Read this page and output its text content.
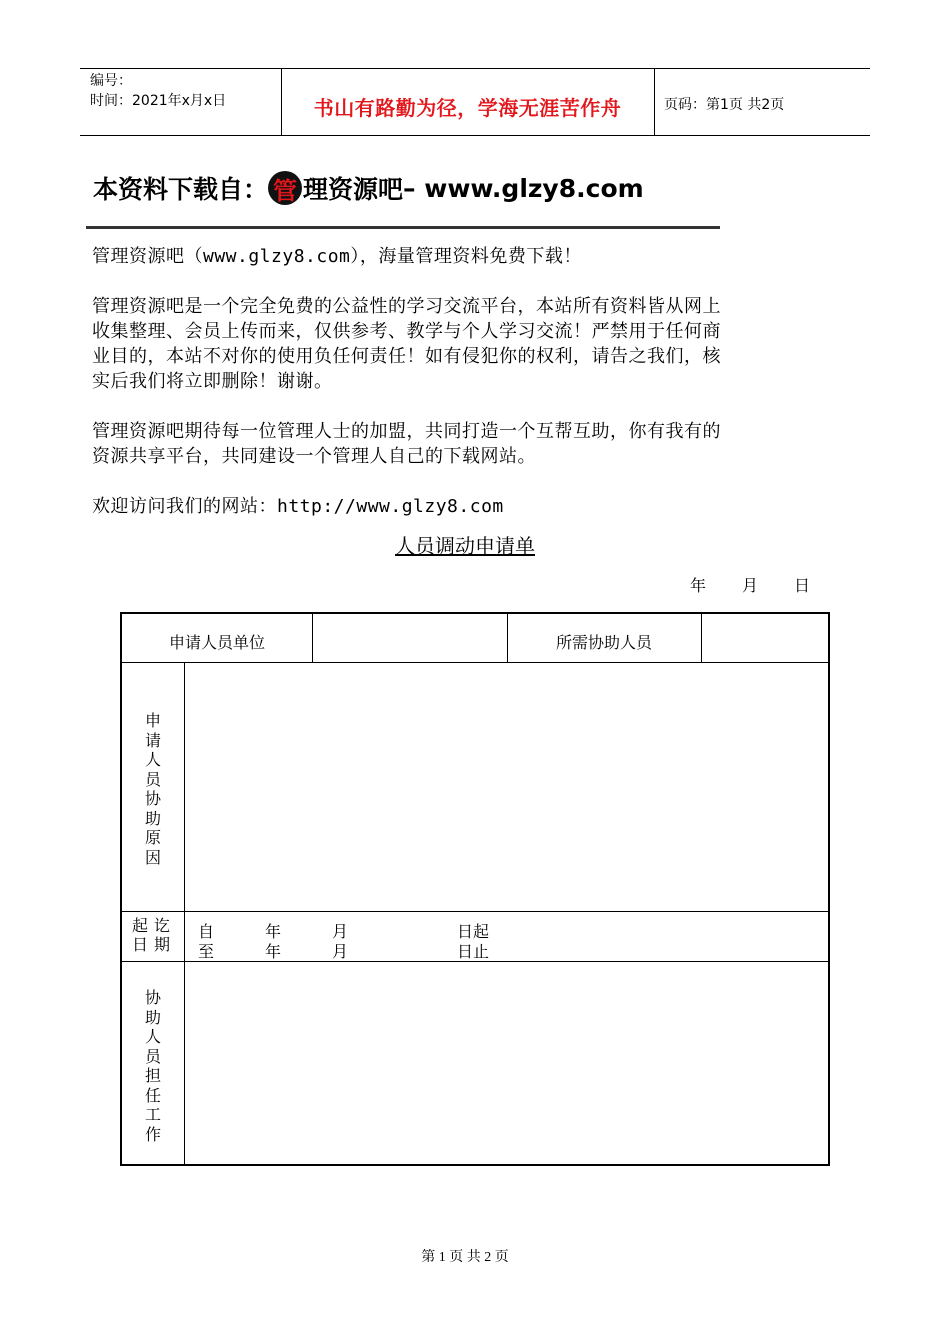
编号：
时间：2021年x月x日	书山有路勤为径，学海无涯苦作舟	页码：第1页 共2页
本资料下载自： 管 理资源吧 – www.glzy8.com
管理资源吧（www.glzy8.com），海量管理资料免费下载！
管理资源吧是一个完全免费的公益性的学习交流平台，本站所有资料皆从网上收集整理、会员上传而来，仅供参考、教学与个人学习交流！严禁用于任何商业目的，本站不对你的使用负任何责任！如有侵犯你的权利，请告之我们，核实后我们将立即删除！谢谢。
管理资源吧期待每一位管理人士的加盟，共同打造一个互帮互助，你有我有的资源共享平台，共同建设一个管理人自己的下载网站。
欢迎访问我们的网站：http://www.glzy8.com
人员调动申请单
年 月 日
申请人员单位	所需协助人员
申请人员协助原因
起 讫
日 期
自	年	月	日起
至	年	月	日止
协助人员担任工作
第 1 页 共 2 页
